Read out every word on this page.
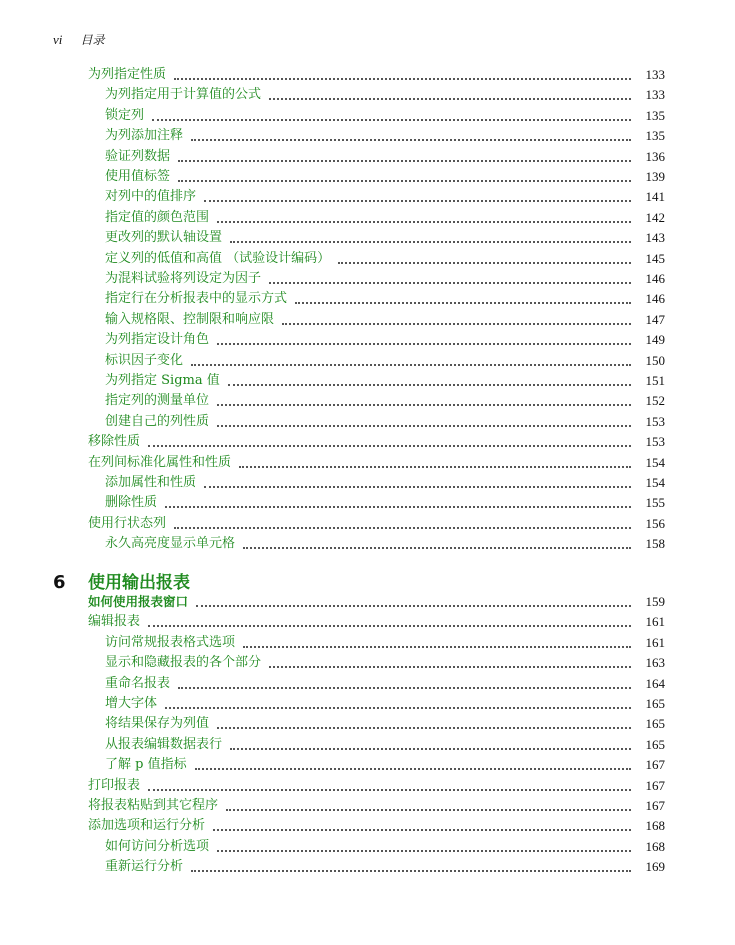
vi 目录
为列指定性质	133
为列指定用于计算值的公式	133
锁定列	135
为列添加注释	135
验证列数据	136
使用值标签	139
对列中的值排序	141
指定值的颜色范围	142
更改列的默认轴设置	143
定义列的低值和高值 （试验设计编码）	145
为混料试验将列设定为因子	146
指定行在分析报表中的显示方式	146
输入规格限、控制限和响应限	147
为列指定设计角色	149
标识因子变化	150
为列指定 Sigma 值	151
指定列的测量单位	152
创建自己的列性质	153
移除性质	153
在列间标准化属性和性质	154
添加属性和性质	154
删除性质	155
使用行状态列	156
永久高亮度显示单元格	158
6	使用输出报表
如何使用报表窗口	159
编辑报表	161
访问常规报表格式选项	161
显示和隐藏报表的各个部分	163
重命名报表	164
增大字体	165
将结果保存为列值	165
从报表编辑数据表行	165
了解 p 值指标	167
打印报表	167
将报表粘贴到其它程序	167
添加选项和运行分析	168
如何访问分析选项	168
重新运行分析	169
